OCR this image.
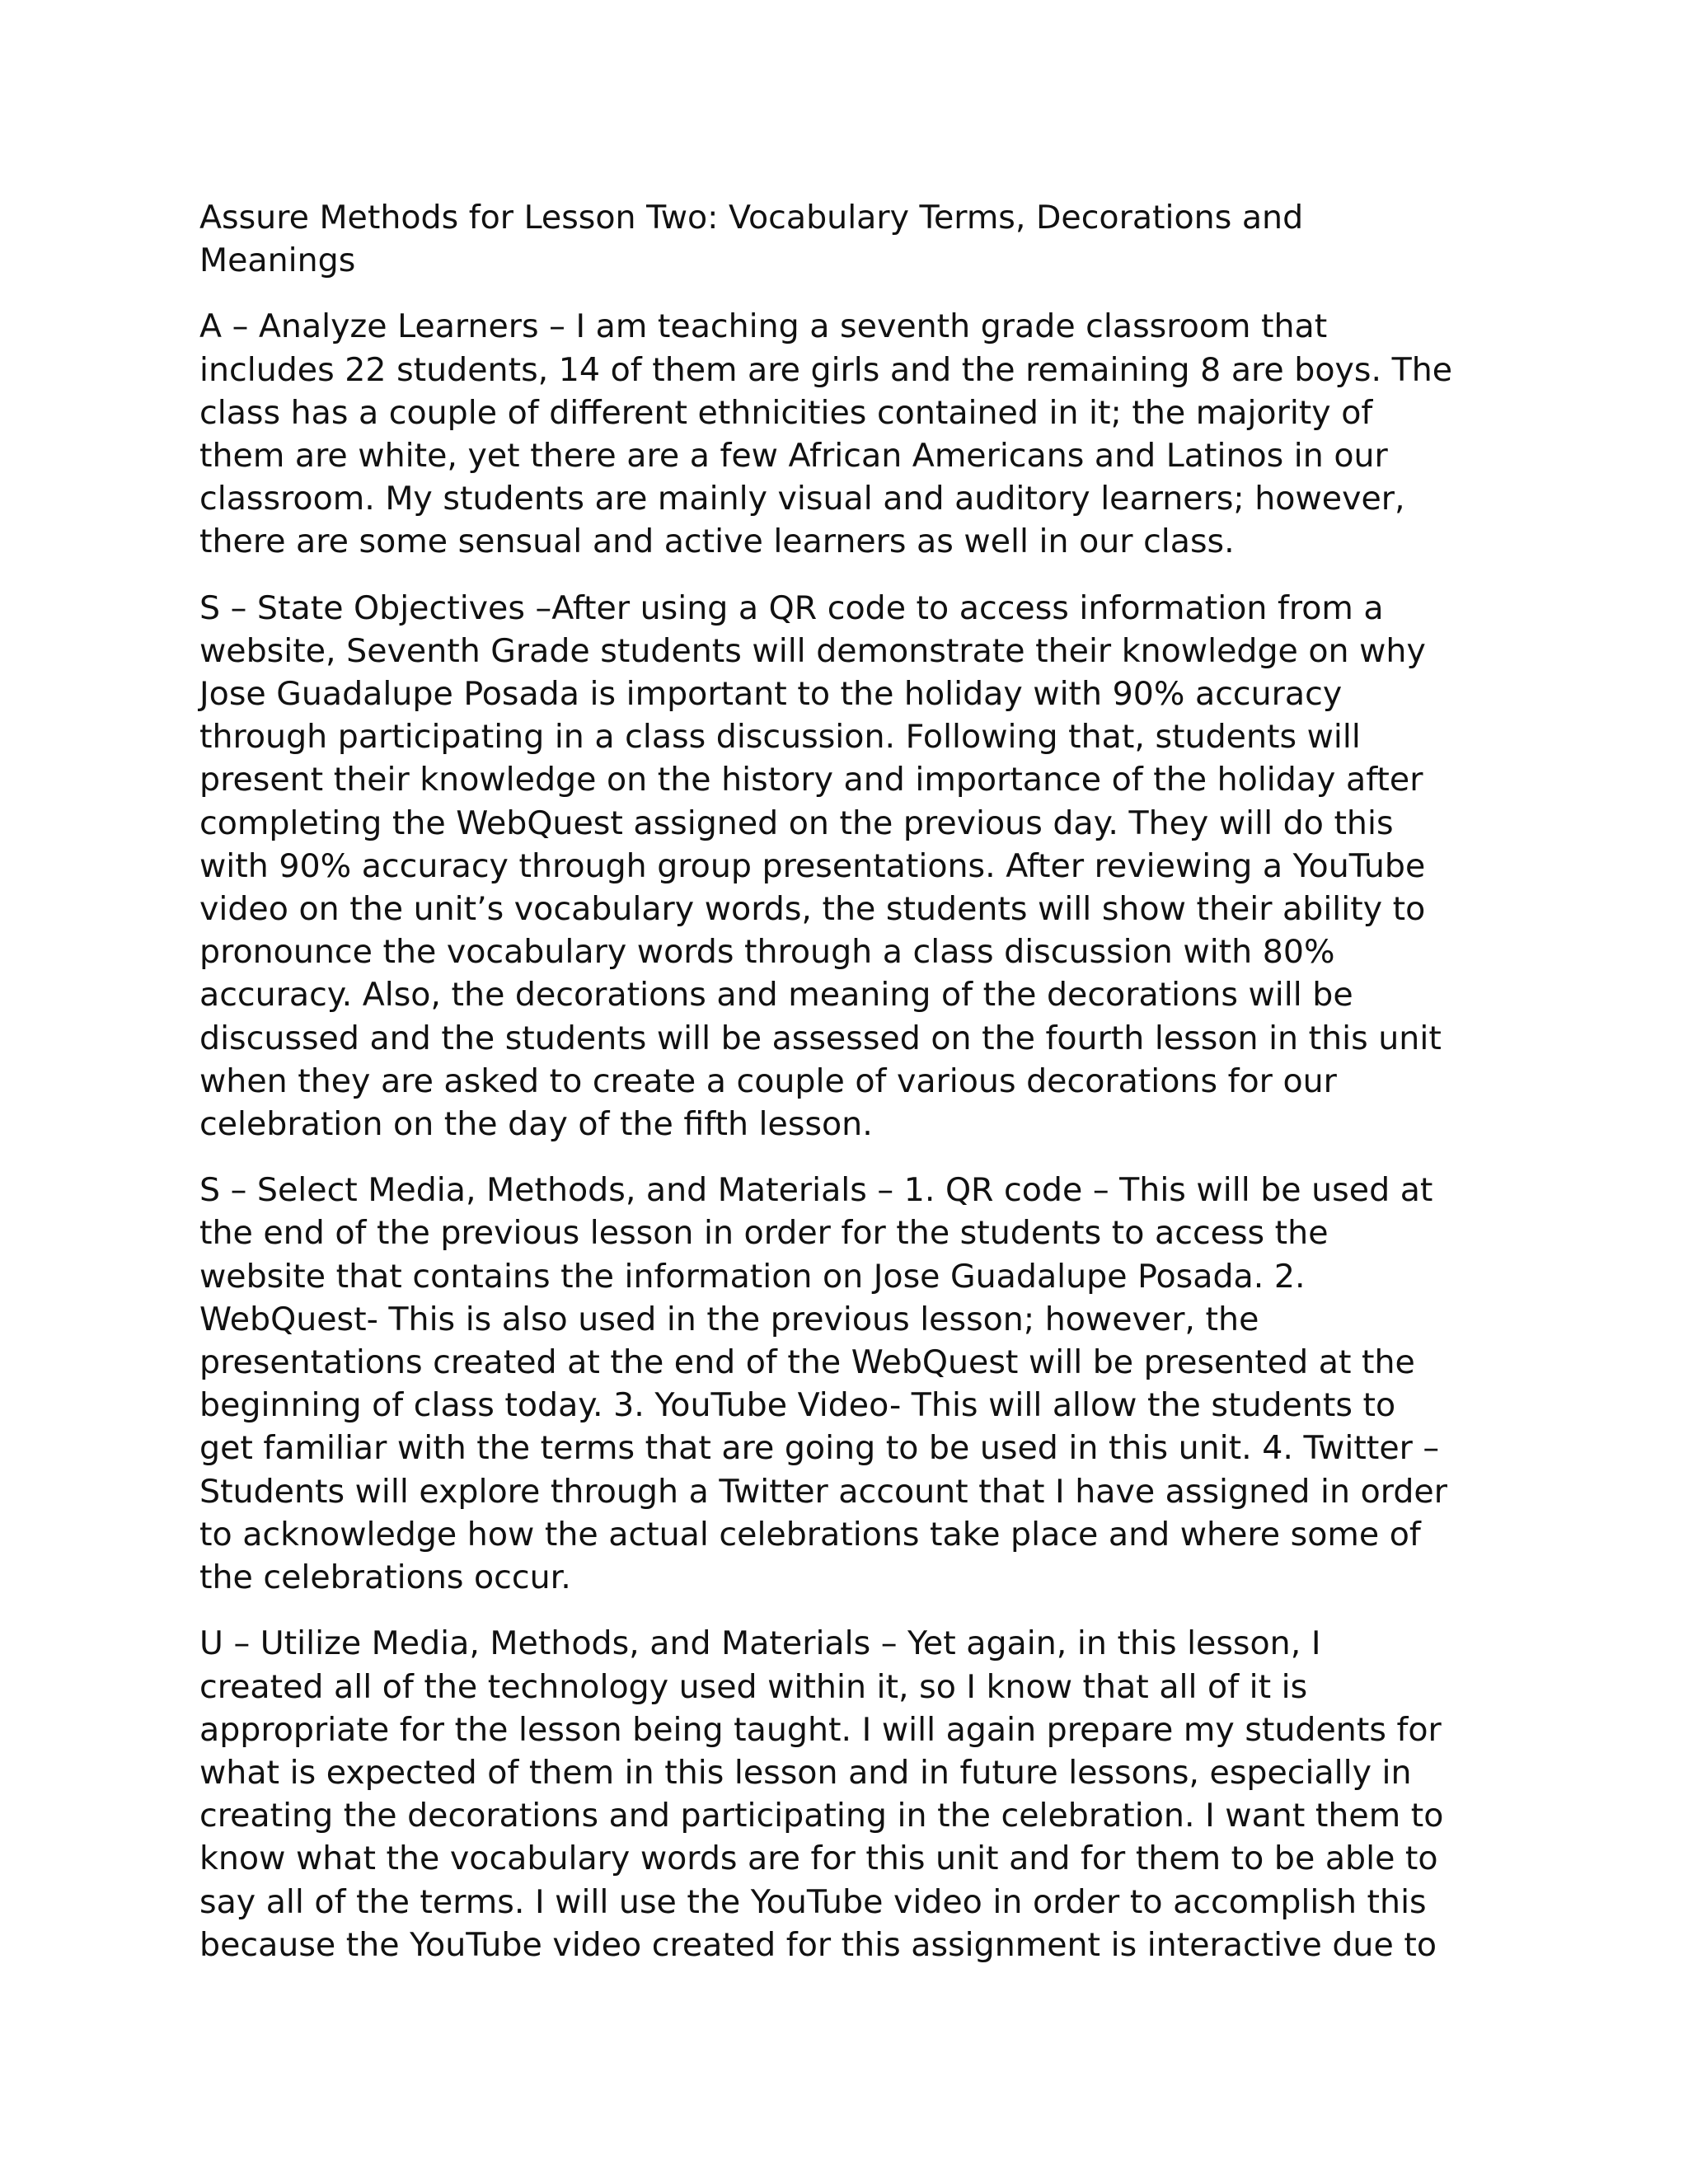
Assure Methods for Lesson Two: Vocabulary Terms, Decorations and
Meanings

A – Analyze Learners – I am teaching a seventh grade classroom that
includes 22 students, 14 of them are girls and the remaining 8 are boys. The
class has a couple of different ethnicities contained in it; the majority of
them are white, yet there are a few African Americans and Latinos in our
classroom. My students are mainly visual and auditory learners; however,
there are some sensual and active learners as well in our class.

S – State Objectives –After using a QR code to access information from a
website, Seventh Grade students will demonstrate their knowledge on why
Jose Guadalupe Posada is important to the holiday with 90% accuracy
through participating in a class discussion. Following that, students will
present their knowledge on the history and importance of the holiday after
completing the WebQuest assigned on the previous day. They will do this
with 90% accuracy through group presentations. After reviewing a YouTube
video on the unit’s vocabulary words, the students will show their ability to
pronounce the vocabulary words through a class discussion with 80%
accuracy. Also, the decorations and meaning of the decorations will be
discussed and the students will be assessed on the fourth lesson in this unit
when they are asked to create a couple of various decorations for our
celebration on the day of the fifth lesson.

S – Select Media, Methods, and Materials – 1. QR code – This will be used at
the end of the previous lesson in order for the students to access the
website that contains the information on Jose Guadalupe Posada. 2.
WebQuest- This is also used in the previous lesson; however, the
presentations created at the end of the WebQuest will be presented at the
beginning of class today. 3. YouTube Video- This will allow the students to
get familiar with the terms that are going to be used in this unit. 4. Twitter –
Students will explore through a Twitter account that I have assigned in order
to acknowledge how the actual celebrations take place and where some of
the celebrations occur.

U – Utilize Media, Methods, and Materials – Yet again, in this lesson, I
created all of the technology used within it, so I know that all of it is
appropriate for the lesson being taught. I will again prepare my students for
what is expected of them in this lesson and in future lessons, especially in
creating the decorations and participating in the celebration. I want them to
know what the vocabulary words are for this unit and for them to be able to
say all of the terms. I will use the YouTube video in order to accomplish this
because the YouTube video created for this assignment is interactive due to
